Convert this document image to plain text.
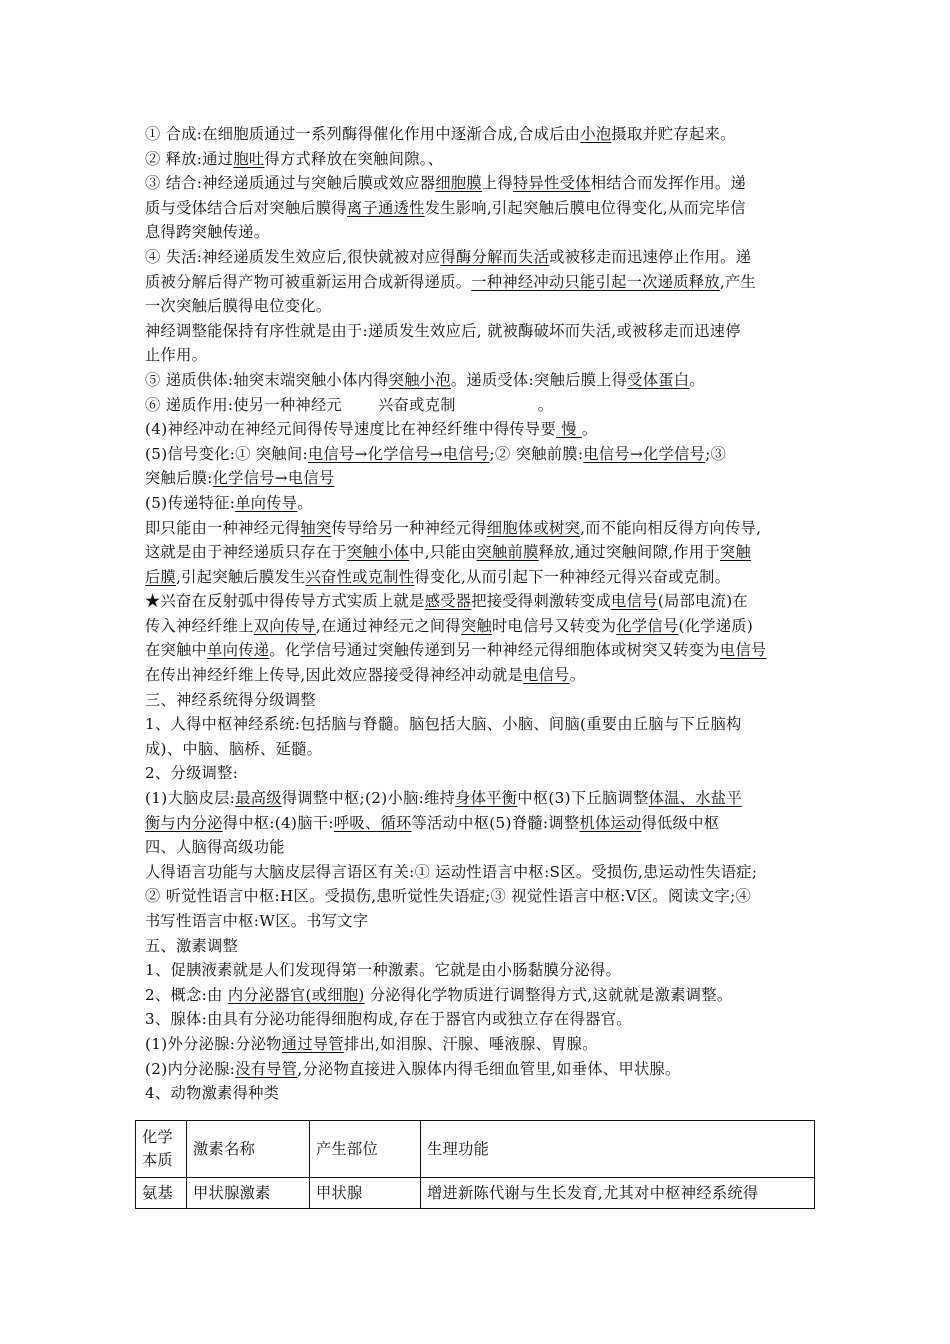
① 合成:在细胞质通过一系列酶得催化作用中逐渐合成,合成后由小泡摄取并贮存起来。
② 释放:通过胞吐得方式释放在突触间隙。、
③ 结合:神经递质通过与突触后膜或效应器细胞膜上得特异性受体相结合而发挥作用。递
质与受体结合后对突触后膜得离子通透性发生影响,引起突触后膜电位得变化,从而完毕信
息得跨突触传递。
④ 失活:神经递质发生效应后,很快就被对应得酶分解而失活或被移走而迅速停止作用。递
质被分解后得产物可被重新运用合成新得递质。一种神经冲动只能引起一次递质释放,产生
一次突触后膜得电位变化。
神经调整能保持有序性就是由于:递质发生效应后, 就被酶破坏而失活,或被移走而迅速停
止作用。
⑤ 递质供体:轴突末端突触小体内得突触小泡。递质受体:突触后膜上得受体蛋白。
⑥ 递质作用:使另一种神经元 兴奋或克制	。
(4)神经冲动在神经元间得传导速度比在神经纤维中得传导要 慢 。
(5)信号变化:① 突触间:电信号→化学信号→电信号;② 突触前膜:电信号→化学信号;③
突触后膜:化学信号→电信号
(5)传递特征:单向传导。
即只能由一种神经元得轴突传导给另一种神经元得细胞体或树突,而不能向相反得方向传导,
这就是由于神经递质只存在于突触小体中,只能由突触前膜释放,通过突触间隙,作用于突触
后膜,引起突触后膜发生兴奋性或克制性得变化,从而引起下一种神经元得兴奋或克制。
★兴奋在反射弧中得传导方式实质上就是感受器把接受得刺激转变成电信号(局部电流)在
传入神经纤维上双向传导,在通过神经元之间得突触时电信号又转变为化学信号(化学递质)
在突触中单向传递。化学信号通过突触传递到另一种神经元得细胞体或树突又转变为电信号
在传出神经纤维上传导,因此效应器接受得神经冲动就是电信号。
三、神经系统得分级调整
1、人得中枢神经系统:包括脑与脊髓。脑包括大脑、小脑、间脑(重要由丘脑与下丘脑构
成)、中脑、脑桥、延髓。
2、分级调整:
(1)大脑皮层:最高级得调整中枢;(2)小脑:维持身体平衡中枢(3)下丘脑调整体温、水盐平
衡与内分泌得中枢:(4)脑干:呼吸、循环等活动中枢(5)脊髓:调整机体运动得低级中枢
四、人脑得高级功能
人得语言功能与大脑皮层得言语区有关:① 运动性语言中枢:S区。受损伤,患运动性失语症;
② 听觉性语言中枢:H区。受损伤,患听觉性失语症;③ 视觉性语言中枢:V区。阅读文字;④
书写性语言中枢:W区。书写文字
五、激素调整
1、促胰液素就是人们发现得第一种激素。它就是由小肠黏膜分泌得。
2、概念:由 内分泌器官(或细胞) 分泌得化学物质进行调整得方式,这就就是激素调整。
3、腺体:由具有分泌功能得细胞构成,存在于器官内或独立存在得器官。
(1)外分泌腺:分泌物通过导管排出,如泪腺、汗腺、唾液腺、胃腺。
(2)内分泌腺:没有导管,分泌物直接进入腺体内得毛细血管里,如垂体、甲状腺。
4、动物激素得种类
化学本质	激素名称	产生部位	生理功能
氨基	甲状腺激素	甲状腺	增进新陈代谢与生长发育,尤其对中枢神经系统得
